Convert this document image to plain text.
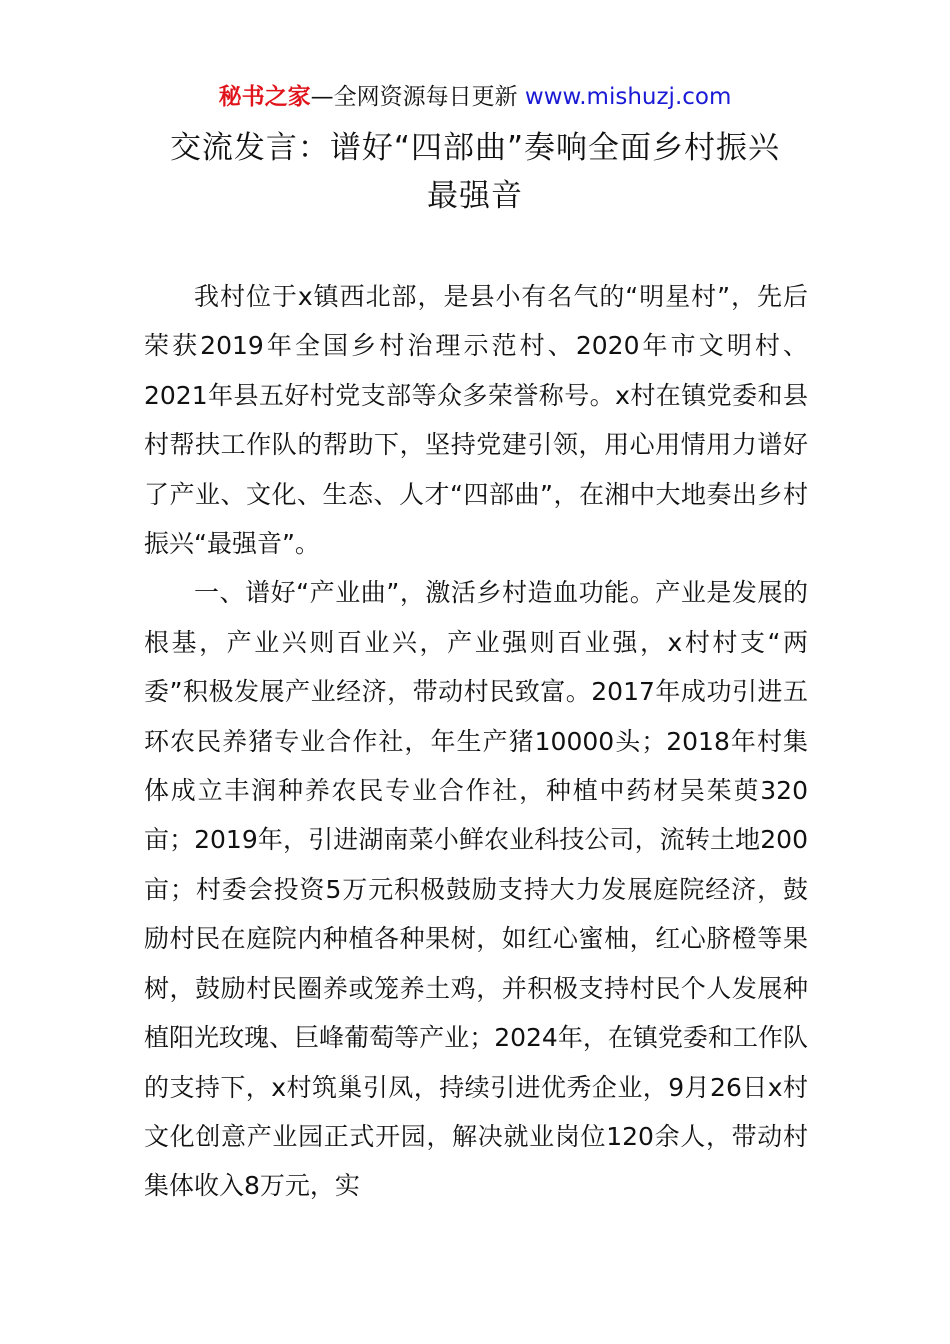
秘书之家—全网资源每日更新 www.mishuzj.com
交流发言：谱好“四部曲”奏响全面乡村振兴
最强音

我村位于x镇西北部，是县小有名气的“明星村”，先后荣获2019年全国乡村治理示范村、2020年市文明村、2021年县五好村党支部等众多荣誉称号。x村在镇党委和县村帮扶工作队的帮助下，坚持党建引领，用心用情用力谱好了产业、文化、生态、人才“四部曲”，在湘中大地奏出乡村振兴“最强音”。

一、谱好“产业曲”，激活乡村造血功能。产业是发展的根基，产业兴则百业兴，产业强则百业强，x村村支“两委”积极发展产业经济，带动村民致富。2017年成功引进五环农民养猪专业合作社，年生产猪10000头；2018年村集体成立丰润种养农民专业合作社，种植中药材吴茱萸320亩；2019年，引进湖南菜小鲜农业科技公司，流转土地200亩；村委会投资5万元积极鼓励支持大力发展庭院经济，鼓励村民在庭院内种植各种果树，如红心蜜柚，红心脐橙等果树，鼓励村民圈养或笼养土鸡，并积极支持村民个人发展种植阳光玫瑰、巨峰葡萄等产业；2024年，在镇党委和工作队的支持下，x村筑巢引凤，持续引进优秀企业，9月26日x村文化创意产业园正式开园，解决就业岗位120余人，带动村集体收入8万元，实
